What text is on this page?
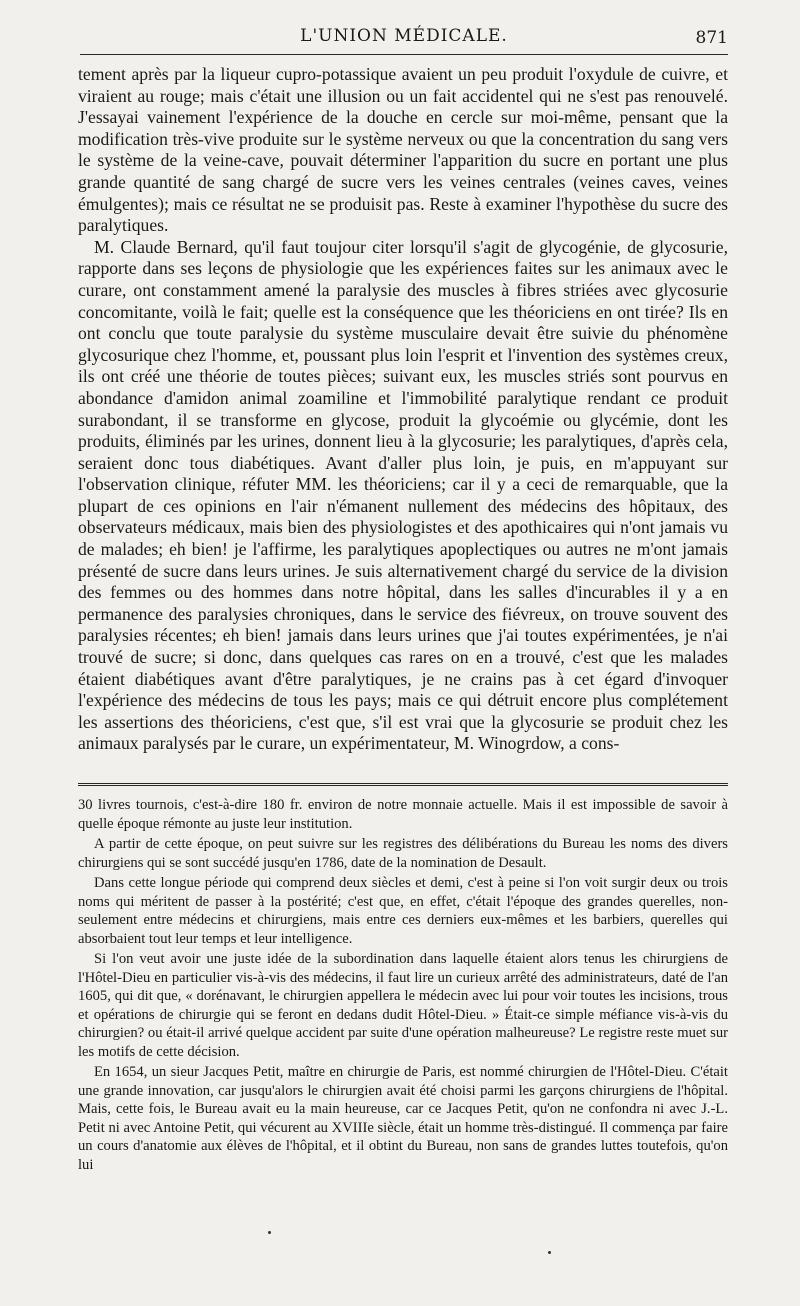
L'UNION MÉDICALE.	871

tement après par la liqueur cupro-potassique avaient un peu produit l'oxydule de cuivre, et viraient au rouge; mais c'était une illusion ou un fait accidentel qui ne s'est pas renouvelé. J'essayai vainement l'expérience de la douche en cercle sur moi-même, pensant que la modification très-vive produite sur le système nerveux ou que la concentration du sang vers le système de la veine-cave, pouvait déterminer l'apparition du sucre en portant une plus grande quantité de sang chargé de sucre vers les veines centrales (veines caves, veines émulgentes); mais ce résultat ne se produisit pas. Reste à examiner l'hypothèse du sucre des paralytiques.

M. Claude Bernard, qu'il faut toujour citer lorsqu'il s'agit de glycogénie, de glycosurie, rapporte dans ses leçons de physiologie que les expériences faites sur les animaux avec le curare, ont constamment amené la paralysie des muscles à fibres striées avec glycosurie concomitante, voilà le fait; quelle est la conséquence que les théoriciens en ont tirée? Ils en ont conclu que toute paralysie du système musculaire devait être suivie du phénomène glycosurique chez l'homme, et, poussant plus loin l'esprit et l'invention des systèmes creux, ils ont créé une théorie de toutes pièces; suivant eux, les muscles striés sont pourvus en abondance d'amidon animal zoamiline et l'immobilité paralytique rendant ce produit surabondant, il se transforme en glycose, produit la glycoémie ou glycémie, dont les produits, éliminés par les urines, donnent lieu à la glycosurie; les paralytiques, d'après cela, seraient donc tous diabétiques. Avant d'aller plus loin, je puis, en m'appuyant sur l'observation clinique, réfuter MM. les théoriciens; car il y a ceci de remarquable, que la plupart de ces opinions en l'air n'émanent nullement des médecins des hôpitaux, des observateurs médicaux, mais bien des physiologistes et des apothicaires qui n'ont jamais vu de malades; eh bien! je l'affirme, les paralytiques apoplectiques ou autres ne m'ont jamais présenté de sucre dans leurs urines. Je suis alternativement chargé du service de la division des femmes ou des hommes dans notre hôpital, dans les salles d'incurables il y a en permanence des paralysies chroniques, dans le service des fiévreux, on trouve souvent des paralysies récentes; eh bien! jamais dans leurs urines que j'ai toutes expérimentées, je n'ai trouvé de sucre; si donc, dans quelques cas rares on en a trouvé, c'est que les malades étaient diabétiques avant d'être paralytiques, je ne crains pas à cet égard d'invoquer l'expérience des médecins de tous les pays; mais ce qui détruit encore plus complétement les assertions des théoriciens, c'est que, s'il est vrai que la glycosurie se produit chez les animaux paralysés par le curare, un expérimentateur, M. Winogrdow, a cons-

30 livres tournois, c'est-à-dire 180 fr. environ de notre monnaie actuelle. Mais il est impossible de savoir à quelle époque rémonte au juste leur institution.

A partir de cette époque, on peut suivre sur les registres des délibérations du Bureau les noms des divers chirurgiens qui se sont succédé jusqu'en 1786, date de la nomination de Desault.

Dans cette longue période qui comprend deux siècles et demi, c'est à peine si l'on voit surgir deux ou trois noms qui méritent de passer à la postérité; c'est que, en effet, c'était l'époque des grandes querelles, non-seulement entre médecins et chirurgiens, mais entre ces derniers eux-mêmes et les barbiers, querelles qui absorbaient tout leur temps et leur intelligence.

Si l'on veut avoir une juste idée de la subordination dans laquelle étaient alors tenus les chirurgiens de l'Hôtel-Dieu en particulier vis-à-vis des médecins, il faut lire un curieux arrêté des administrateurs, daté de l'an 1605, qui dit que, « dorénavant, le chirurgien appellera le médecin avec lui pour voir toutes les incisions, trous et opérations de chirurgie qui se feront en dedans dudit Hôtel-Dieu. » Était-ce simple méfiance vis-à-vis du chirurgien? ou était-il arrivé quelque accident par suite d'une opération malheureuse? Le registre reste muet sur les motifs de cette décision.

En 1654, un sieur Jacques Petit, maître en chirurgie de Paris, est nommé chirurgien de l'Hôtel-Dieu. C'était une grande innovation, car jusqu'alors le chirurgien avait été choisi parmi les garçons chirurgiens de l'hôpital. Mais, cette fois, le Bureau avait eu la main heureuse, car ce Jacques Petit, qu'on ne confondra ni avec J.-L. Petit ni avec Antoine Petit, qui vécurent au XVIIIe siècle, était un homme très-distingué. Il commença par faire un cours d'anatomie aux élèves de l'hôpital, et il obtint du Bureau, non sans de grandes luttes toutefois, qu'on lui
